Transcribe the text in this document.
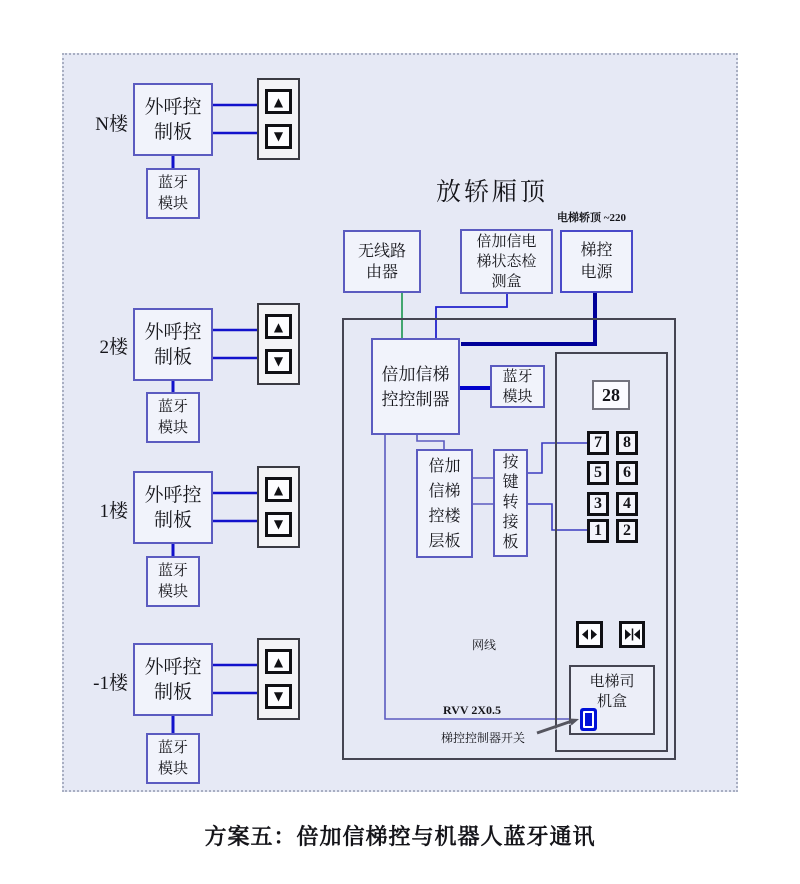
N楼
外呼控
制板
▲
▼
蓝牙
模块
2楼
外呼控
制板
▲
▼
蓝牙
模块
1楼
外呼控
制板
▲
▼
蓝牙
模块
-1楼
外呼控
制板
▲
▼
蓝牙
模块
放轿厢顶
电梯轿顶 ~220
无线路
由器
倍加信电
梯状态检
测盒
梯控
电源
倍加信梯
控控制器
蓝牙
模块	28
7	8
5	6
3	4
1	2
倍加
信梯
控楼
层板
按
键
转
接
板
电梯司
机盒
网线
RVV 2X0.5
梯控控制器开关
方案五：倍加信梯控与机器人蓝牙通讯
